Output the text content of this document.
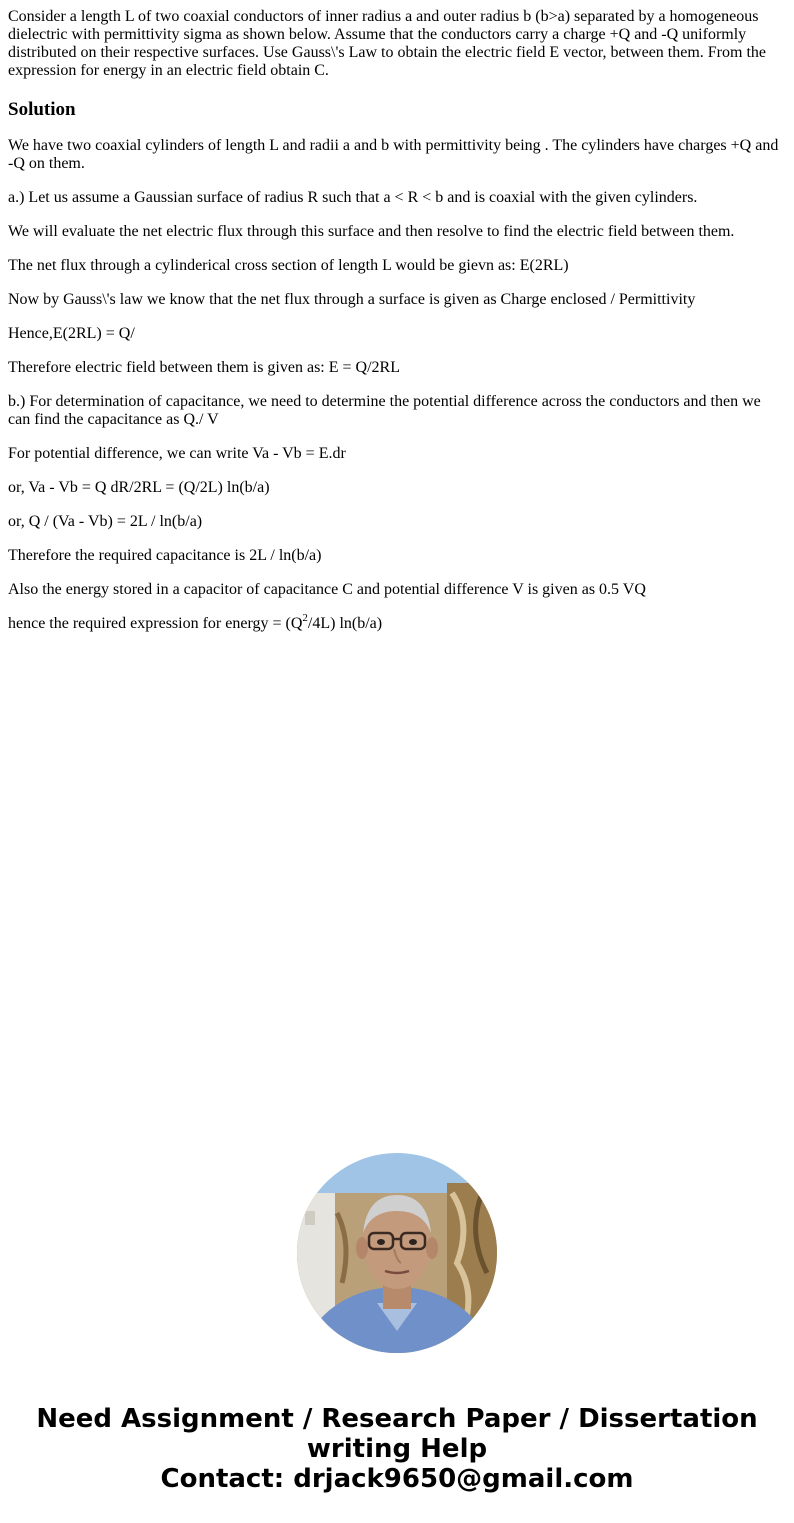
Consider a length L of two coaxial conductors of inner radius a and outer radius b (b>a) separated by a homogeneous dielectric with permittivity sigma as shown below. Assume that the conductors carry a charge +Q and -Q uniformly distributed on their respective surfaces. Use Gauss\'s Law to obtain the electric field E vector, between them. From the expression for energy in an electric field obtain C.
Solution

We have two coaxial cylinders of length L and radii a and b with permittivity being . The cylinders have charges +Q and -Q on them.

a.) Let us assume a Gaussian surface of radius R such that a < R < b and is coaxial with the given cylinders.

We will evaluate the net electric flux through this surface and then resolve to find the electric field between them.

The net flux through a cylinderical cross section of length L would be gievn as: E(2RL)

Now by Gauss\'s law we know that the net flux through a surface is given as Charge enclosed / Permittivity

Hence,E(2RL) = Q/

Therefore electric field between them is given as: E = Q/2RL

b.) For determination of capacitance, we need to determine the potential difference across the conductors and then we can find the capacitance as Q./ V

For potential difference, we can write Va - Vb = E.dr

or, Va - Vb = Q dR/2RL = (Q/2L) ln(b/a)

or, Q / (Va - Vb) = 2L / ln(b/a)

Therefore the required capacitance is 2L / ln(b/a)

Also the energy stored in a capacitor of capacitance C and potential difference V is given as 0.5 VQ

hence the required expression for energy = $(Q^2/4L)$ ln(b/a)

Need Assignment / Research Paper / Dissertation
writing Help
Contact: drjack9650@gmail.com
